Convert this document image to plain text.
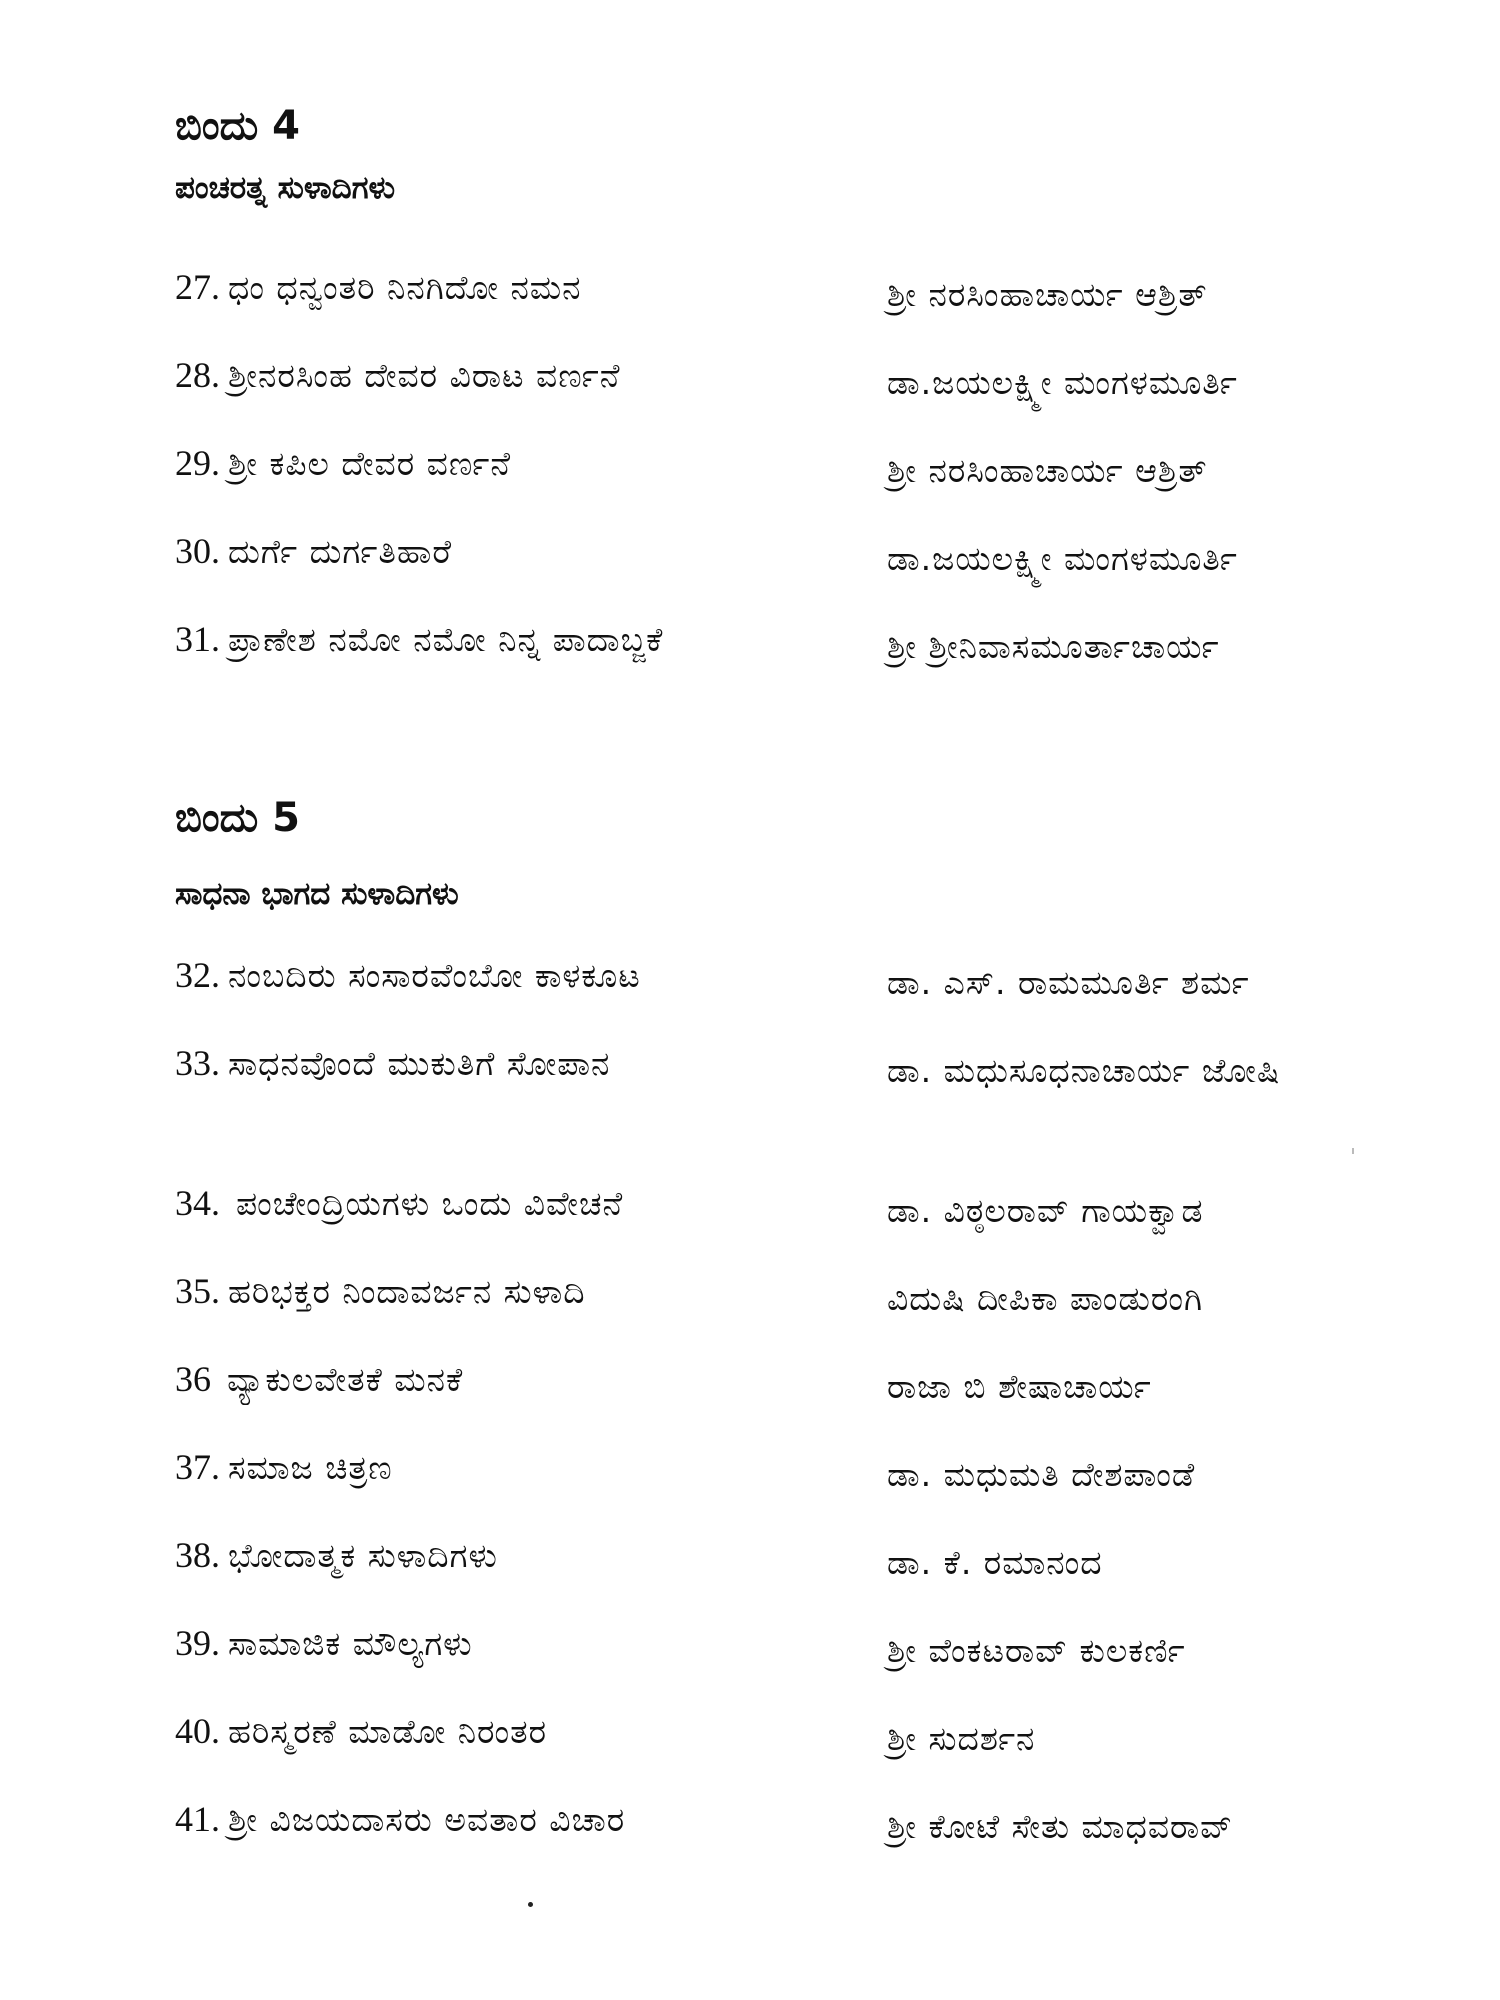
ಬಿಂದು 4
ಪಂಚರತ್ನ ಸುಳಾದಿಗಳು
27. ಧಂ ಧನ್ವಂತರಿ ನಿನಗಿದೋ ನಮನ	ಶ್ರೀ ನರಸಿಂಹಾಚಾರ್ಯ ಆಶ್ರಿತ್
28. ಶ್ರೀನರಸಿಂಹ ದೇವರ ವಿರಾಟ ವರ್ಣನೆ	ಡಾ.ಜಯಲಕ್ಷ್ಮೀ ಮಂಗಳಮೂರ್ತಿ
29. ಶ್ರೀ ಕಪಿಲ ದೇವರ ವರ್ಣನೆ	ಶ್ರೀ ನರಸಿಂಹಾಚಾರ್ಯ ಆಶ್ರಿತ್
30. ದುರ್ಗೆ ದುರ್ಗತಿಹಾರೆ	ಡಾ.ಜಯಲಕ್ಷ್ಮೀ ಮಂಗಳಮೂರ್ತಿ
31. ಪ್ರಾಣೇಶ ನಮೋ ನಮೋ ನಿನ್ನ ಪಾದಾಬ್ಜಕೆ	ಶ್ರೀ ಶ್ರೀನಿವಾಸಮೂರ್ತಾಚಾರ್ಯ
ಬಿಂದು 5
ಸಾಧನಾ ಭಾಗದ ಸುಳಾದಿಗಳು
32. ನಂಬದಿರು ಸಂಸಾರವೆಂಬೋ ಕಾಳಕೂಟ	ಡಾ. ಎಸ್. ರಾಮಮೂರ್ತಿ ಶರ್ಮ
33. ಸಾಧನವೊಂದೆ ಮುಕುತಿಗೆ ಸೋಪಾನ	ಡಾ. ಮಧುಸೂಧನಾಚಾರ್ಯ ಜೋಷಿ
34. ಪಂಚೇಂದ್ರಿಯಗಳು ಒಂದು ವಿವೇಚನೆ	ಡಾ. ವಿಠ್ಠಲರಾವ್ ಗಾಯಕ್ವಾಡ
35. ಹರಿಭಕ್ತರ ನಿಂದಾವರ್ಜನ ಸುಳಾದಿ	ವಿದುಷಿ ದೀಪಿಕಾ ಪಾಂಡುರಂಗಿ
36 ವ್ಯಾಕುಲವೇತಕೆ ಮನಕೆ	ರಾಜಾ ಬಿ ಶೇಷಾಚಾರ್ಯ
37. ಸಮಾಜ ಚಿತ್ರಣ	ಡಾ. ಮಧುಮತಿ ದೇಶಪಾಂಡೆ
38. ಭೋದಾತ್ಮಕ ಸುಳಾದಿಗಳು	ಡಾ. ಕೆ. ರಮಾನಂದ
39. ಸಾಮಾಜಿಕ ಮೌಲ್ಯಗಳು	ಶ್ರೀ ವೆಂಕಟರಾವ್ ಕುಲಕರ್ಣಿ
40. ಹರಿಸ್ಮರಣೆ ಮಾಡೋ ನಿರಂತರ	ಶ್ರೀ ಸುದರ್ಶನ
41. ಶ್ರೀ ವಿಜಯದಾಸರು ಅವತಾರ ವಿಚಾರ	ಶ್ರೀ ಕೋಟೆ ಸೇತು ಮಾಧವರಾವ್
